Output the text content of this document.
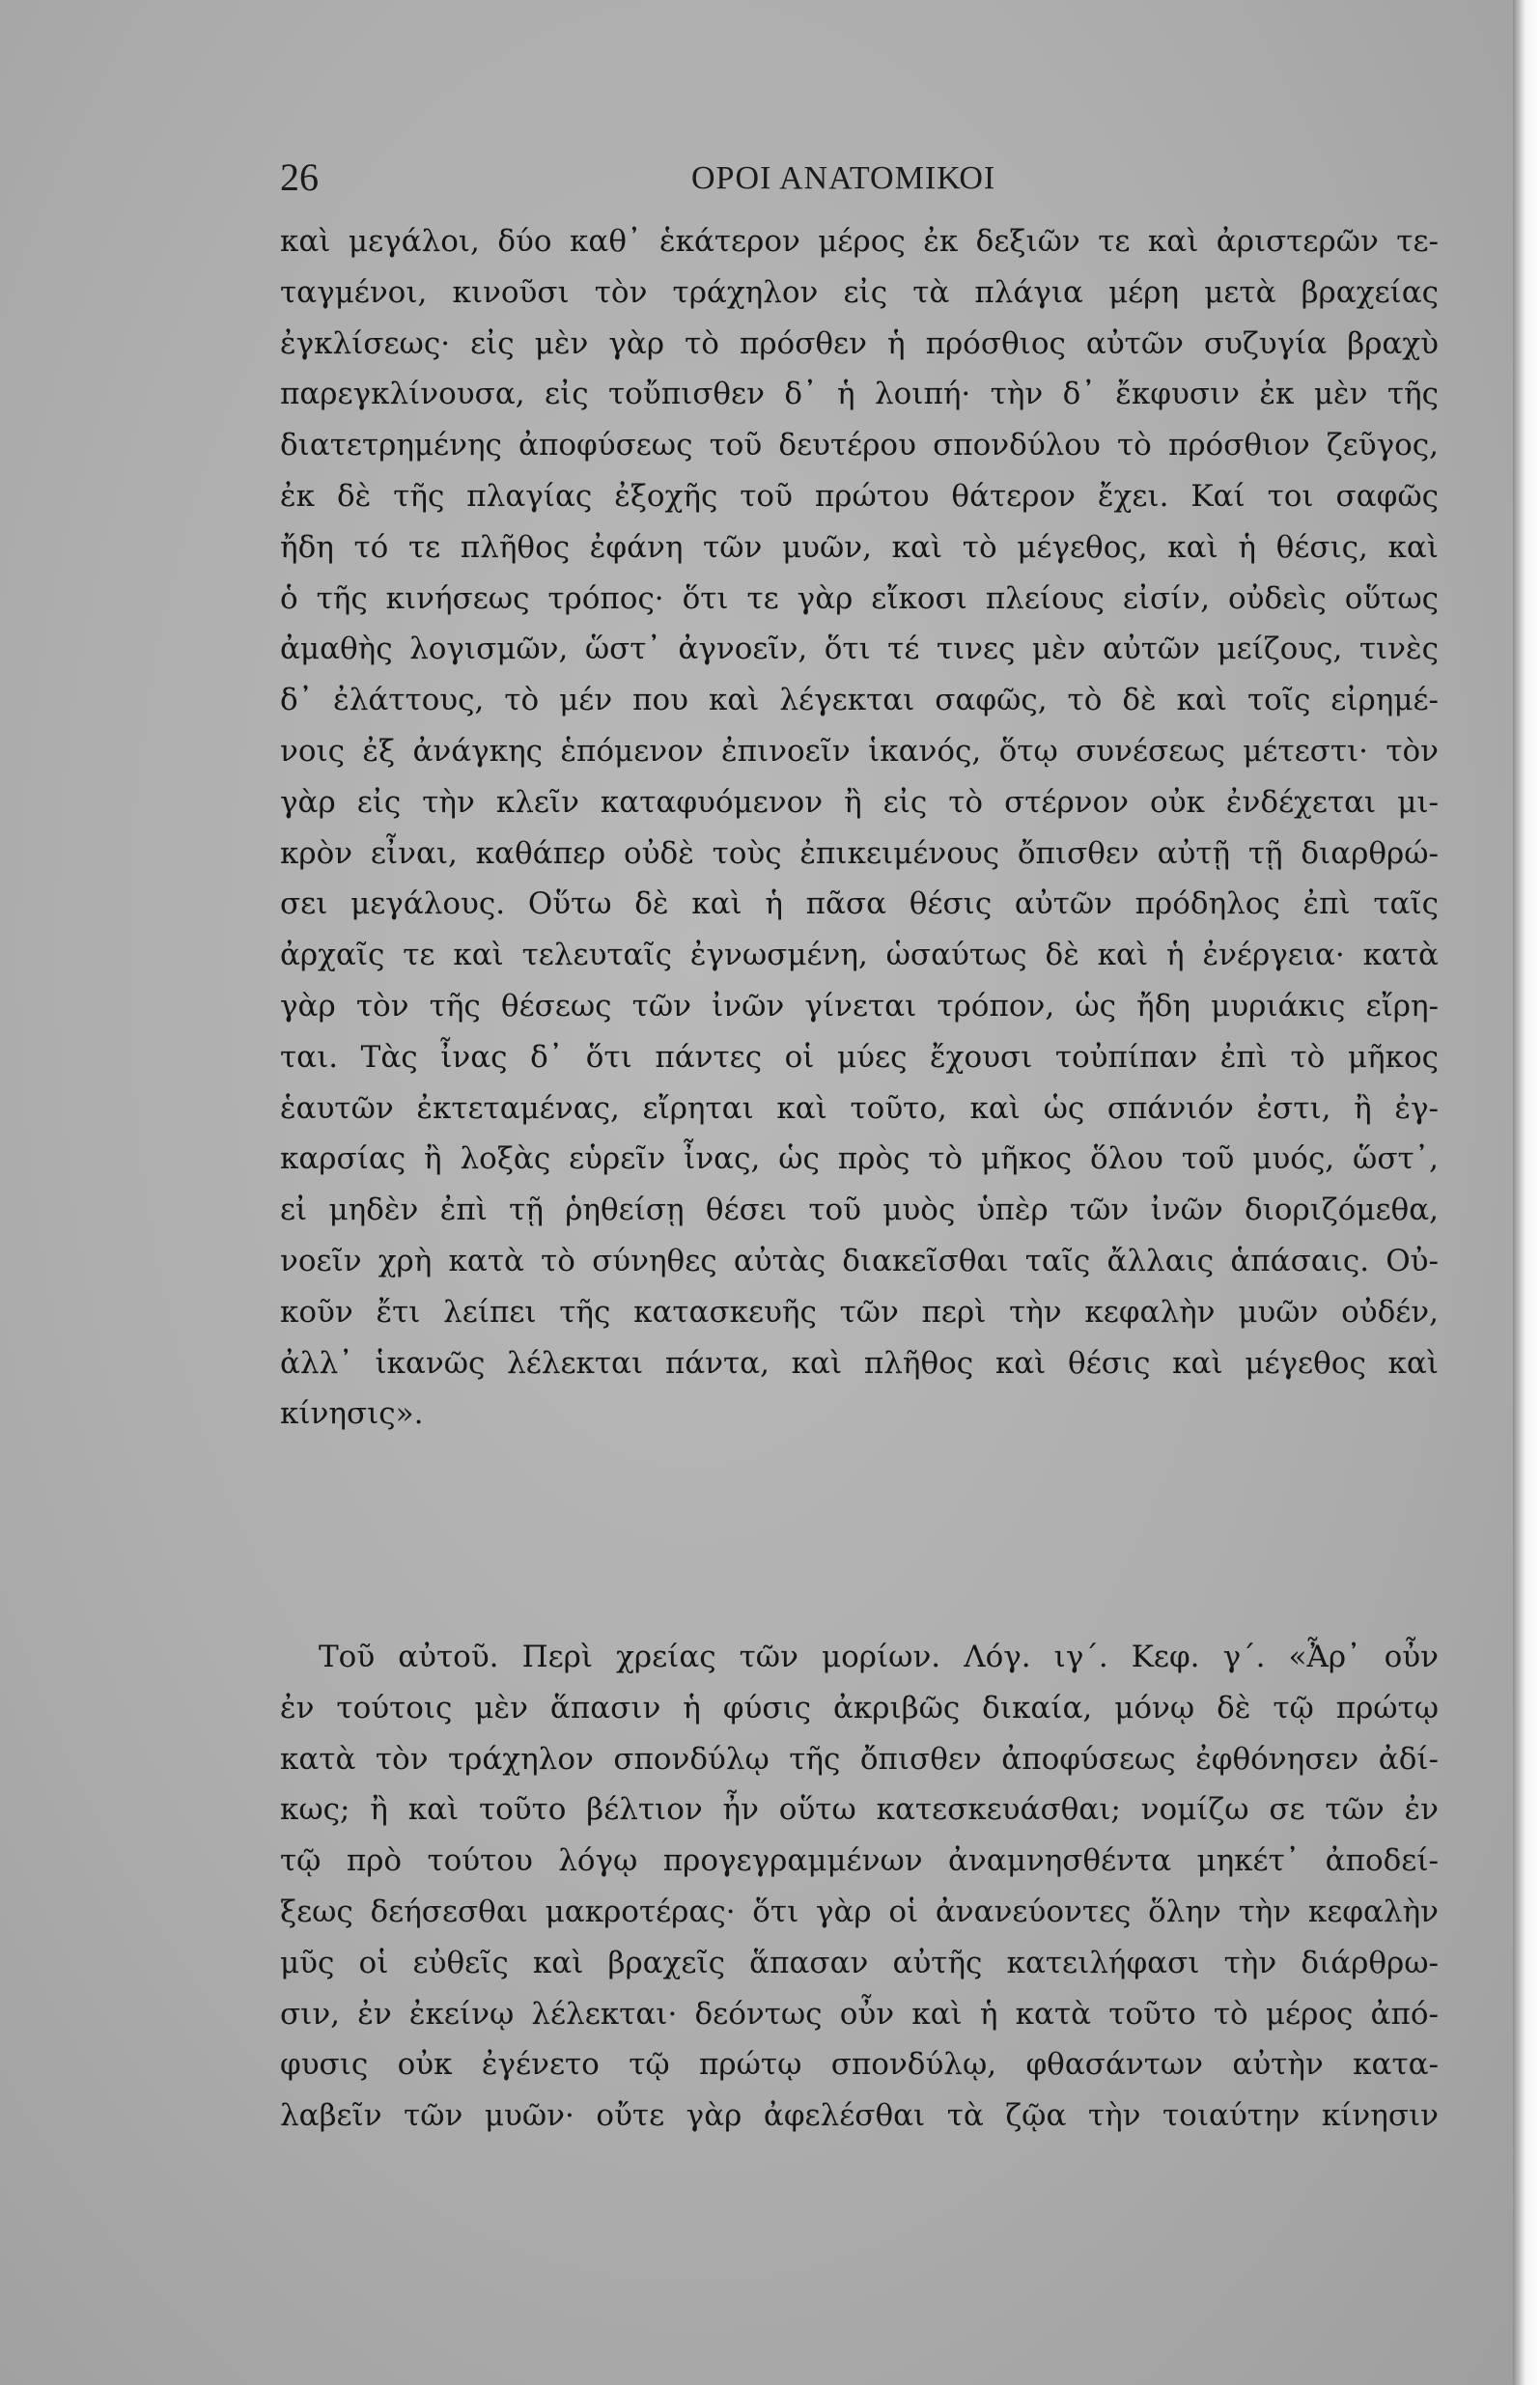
26	ΟΡΟΙ ΑΝΑΤΟΜΙΚΟΙ
καὶ μεγάλοι, δύο καθ᾽ ἑκάτερον μέρος ἐκ δεξιῶν τε καὶ ἀριστερῶν τε-
ταγμένοι, κινοῦσι τὸν τράχηλον εἰς τὰ πλάγια μέρη μετὰ βραχείας
ἐγκλίσεως· εἰς μὲν γὰρ τὸ πρόσθεν ἡ πρόσθιος αὐτῶν συζυγία βραχὺ
παρεγκλίνουσα, εἰς τοὔπισθεν δ᾽ ἡ λοιπή· τὴν δ᾽ ἔκφυσιν ἐκ μὲν τῆς
διατετρημένης ἀποφύσεως τοῦ δευτέρου σπονδύλου τὸ πρόσθιον ζεῦγος,
ἐκ δὲ τῆς πλαγίας ἐξοχῆς τοῦ πρώτου θάτερον ἔχει. Καί τοι σαφῶς
ἤδη τό τε πλῆθος ἐφάνη τῶν μυῶν, καὶ τὸ μέγεθος, καὶ ἡ θέσις, καὶ
ὁ τῆς κινήσεως τρόπος· ὅτι τε γὰρ εἴκοσι πλείους εἰσίν, οὐδεὶς οὕτως
ἀμαθὴς λογισμῶν, ὥστ᾽ ἀγνοεῖν, ὅτι τέ τινες μὲν αὐτῶν μείζους, τινὲς
δ᾽ ἐλάττους, τὸ μέν που καὶ λέγεκται σαφῶς, τὸ δὲ καὶ τοῖς εἰρημέ-
νοις ἐξ ἀνάγκης ἑπόμενον ἐπινοεῖν ἱκανός, ὅτῳ συνέσεως μέτεστι· τὸν
γὰρ εἰς τὴν κλεῖν καταφυόμενον ἢ εἰς τὸ στέρνον οὐκ ἐνδέχεται μι-
κρὸν εἶναι, καθάπερ οὐδὲ τοὺς ἐπικειμένους ὄπισθεν αὐτῇ τῇ διαρθρώ-
σει μεγάλους. Οὕτω δὲ καὶ ἡ πᾶσα θέσις αὐτῶν πρόδηλος ἐπὶ ταῖς
ἀρχαῖς τε καὶ τελευταῖς ἐγνωσμένη, ὡσαύτως δὲ καὶ ἡ ἐνέργεια· κατὰ
γὰρ τὸν τῆς θέσεως τῶν ἰνῶν γίνεται τρόπον, ὡς ἤδη μυριάκις εἴρη-
ται. Τὰς ἶνας δ᾽ ὅτι πάντες οἱ μύες ἔχουσι τοὐπίπαν ἐπὶ τὸ μῆκος
ἑαυτῶν ἐκτεταμένας, εἴρηται καὶ τοῦτο, καὶ ὡς σπάνιόν ἐστι, ἢ ἐγ-
καρσίας ἢ λοξὰς εὑρεῖν ἶνας, ὡς πρὸς τὸ μῆκος ὅλου τοῦ μυός, ὥστ᾽,
εἰ μηδὲν ἐπὶ τῇ ῥηθείσῃ θέσει τοῦ μυὸς ὑπὲρ τῶν ἰνῶν διοριζόμεθα,
νοεῖν χρὴ κατὰ τὸ σύνηθες αὐτὰς διακεῖσθαι ταῖς ἄλλαις ἁπάσαις. Οὐ-
κοῦν ἔτι λείπει τῆς κατασκευῆς τῶν περὶ τὴν κεφαλὴν μυῶν οὐδέν,
ἀλλ᾽ ἱκανῶς λέλεκται πάντα, καὶ πλῆθος καὶ θέσις καὶ μέγεθος καὶ
κίνησις».
Τοῦ αὐτοῦ. Περὶ χρείας τῶν μορίων. Λόγ. ιγ΄. Κεφ. γ΄. «Ἆρ᾽ οὖν
ἐν τούτοις μὲν ἅπασιν ἡ φύσις ἀκριβῶς δικαία, μόνῳ δὲ τῷ πρώτῳ
κατὰ τὸν τράχηλον σπονδύλῳ τῆς ὄπισθεν ἀποφύσεως ἐφθόνησεν ἀδί-
κως; ἢ καὶ τοῦτο βέλτιον ἦν οὕτω κατεσκευάσθαι; νομίζω σε τῶν ἐν
τῷ πρὸ τούτου λόγῳ προγεγραμμένων ἀναμνησθέντα μηκέτ᾽ ἀποδεί-
ξεως δεήσεσθαι μακροτέρας· ὅτι γὰρ οἱ ἀνανεύοντες ὅλην τὴν κεφαλὴν
μῦς οἱ εὐθεῖς καὶ βραχεῖς ἅπασαν αὐτῆς κατειλήφασι τὴν διάρθρω-
σιν, ἐν ἐκείνῳ λέλεκται· δεόντως οὖν καὶ ἡ κατὰ τοῦτο τὸ μέρος ἀπό-
φυσις οὐκ ἐγένετο τῷ πρώτῳ σπονδύλῳ, φθασάντων αὐτὴν κατα-
λαβεῖν τῶν μυῶν· οὔτε γὰρ ἀφελέσθαι τὰ ζῷα τὴν τοιαύτην κίνησιν
